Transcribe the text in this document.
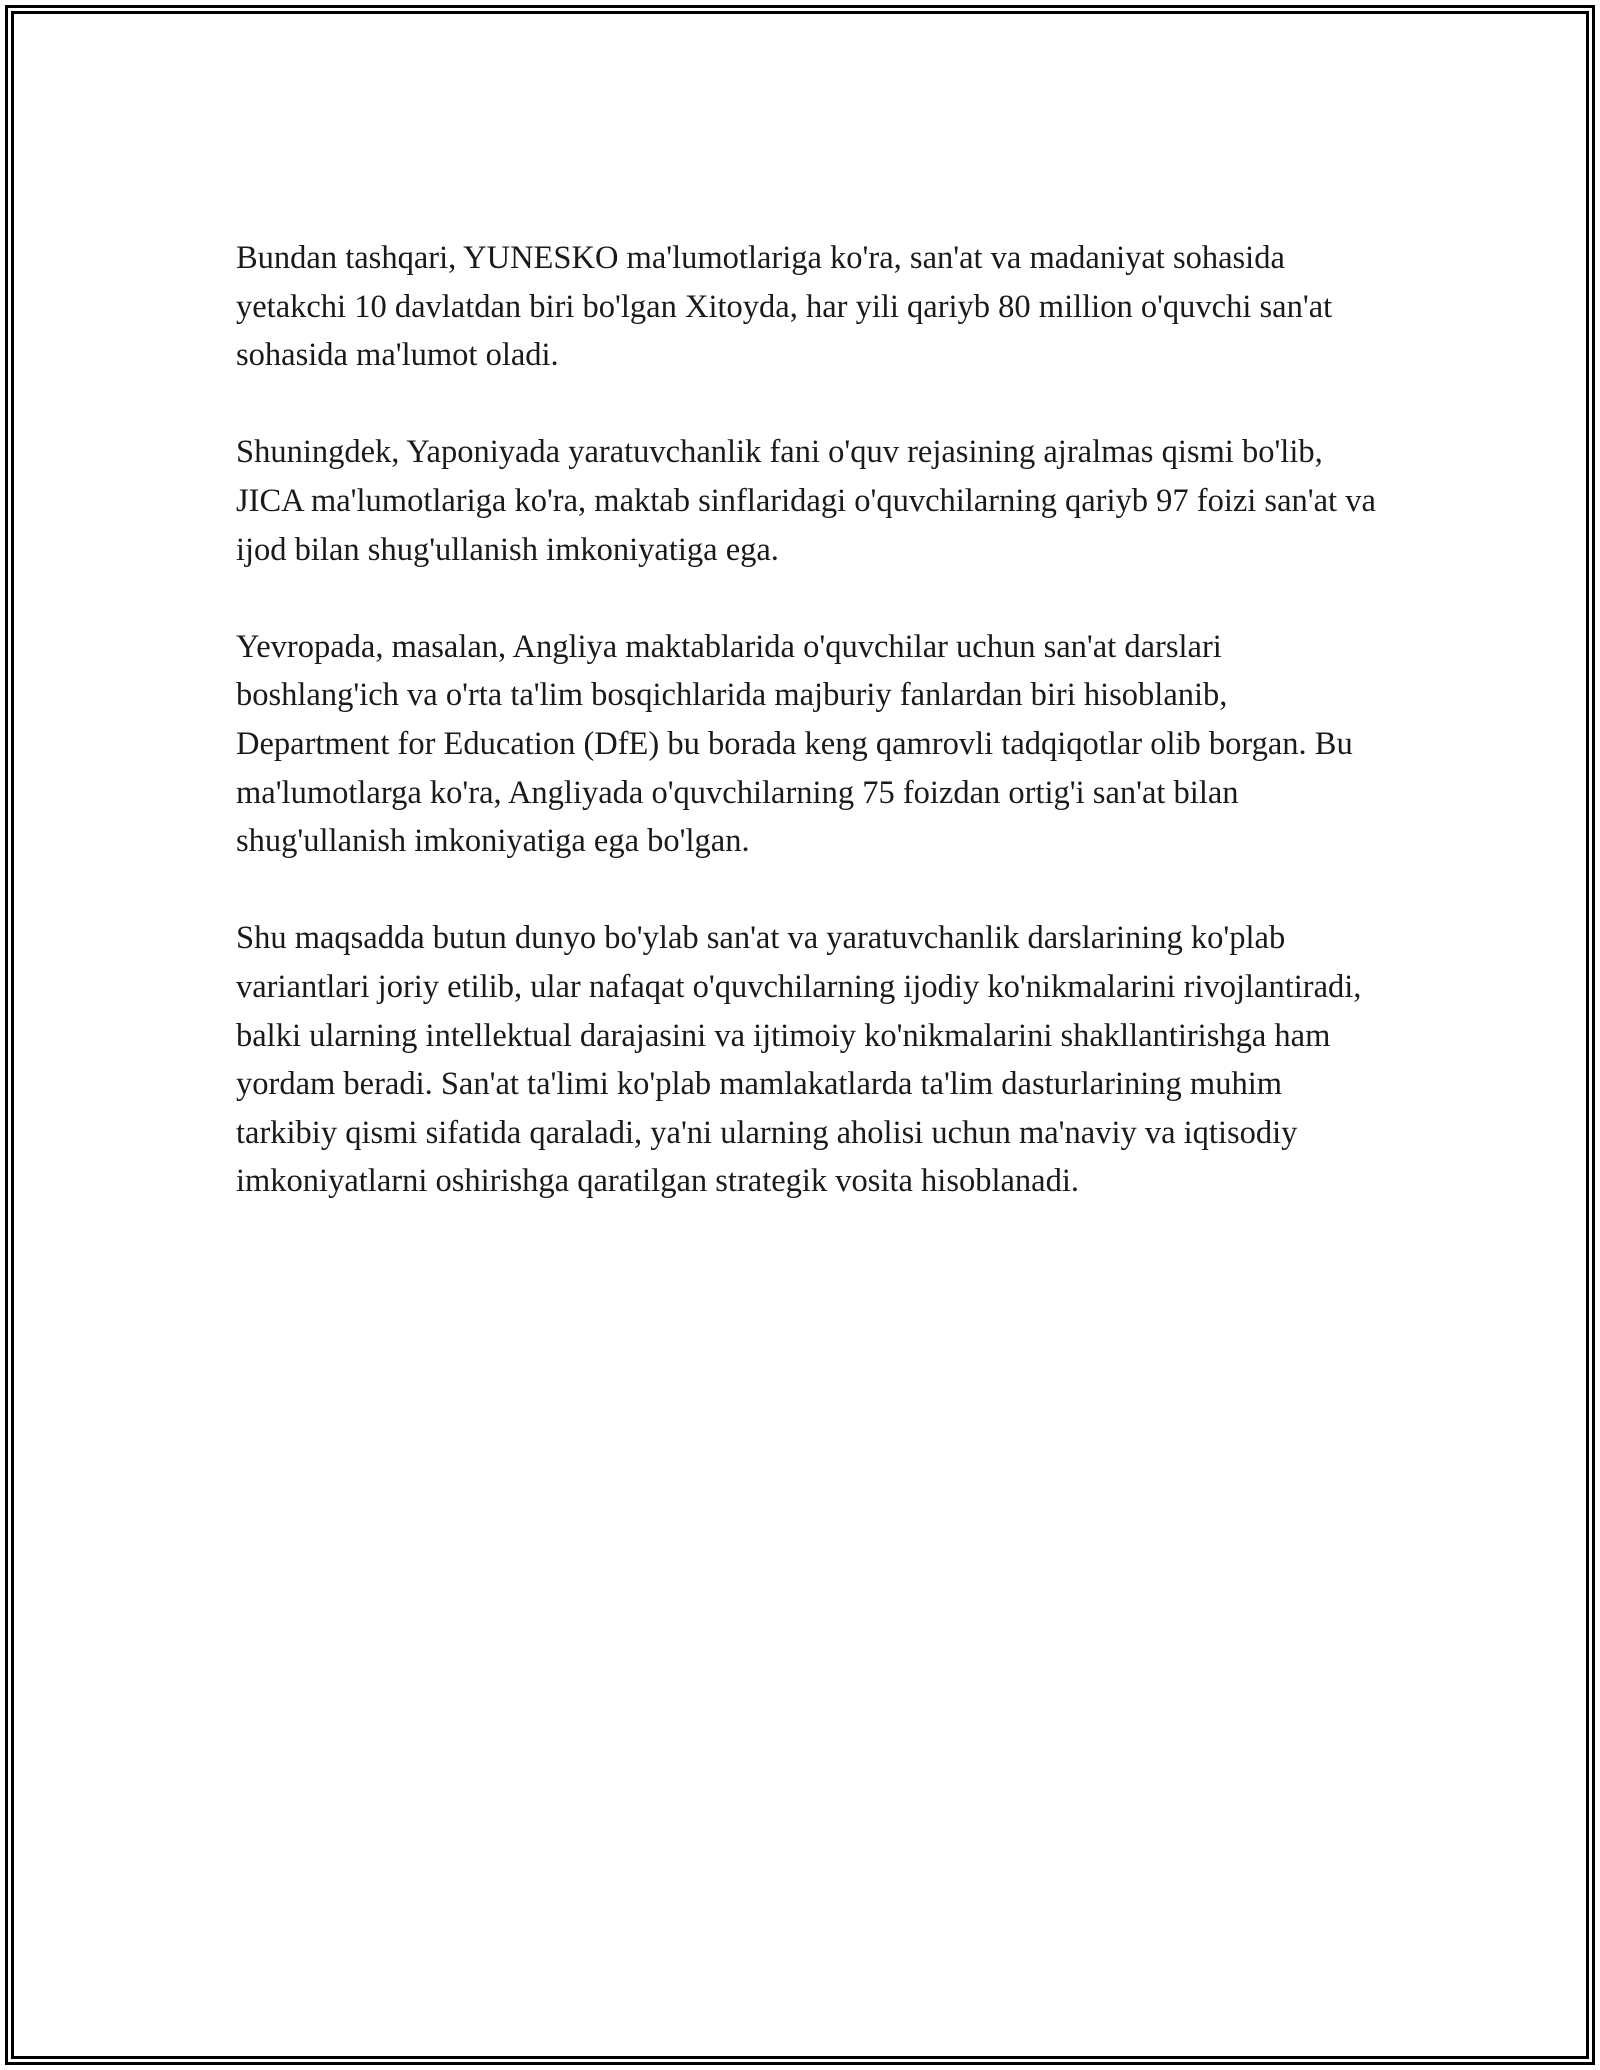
Bundan tashqari, YUNESKO ma'lumotlariga ko'ra, san'at va madaniyat sohasida yetakchi 10 davlatdan biri bo'lgan Xitoyda, har yili qariyb 80 million o'quvchi san'at sohasida ma'lumot oladi.

Shuningdek, Yaponiyada yaratuvchanlik fani o'quv rejasining ajralmas qismi bo'lib, JICA ma'lumotlariga ko'ra, maktab sinflaridagi o'quvchilarning qariyb 97 foizi san'at va ijod bilan shug'ullanish imkoniyatiga ega.

Yevropada, masalan, Angliya maktablarida o'quvchilar uchun san'at darslari boshlang'ich va o'rta ta'lim bosqichlarida majburiy fanlardan biri hisoblanib, Department for Education (DfE) bu borada keng qamrovli tadqiqotlar olib borgan. Bu ma'lumotlarga ko'ra, Angliyada o'quvchilarning 75 foizdan ortig'i san'at bilan shug'ullanish imkoniyatiga ega bo'lgan.

Shu maqsadda butun dunyo bo'ylab san'at va yaratuvchanlik darslarining ko'plab variantlari joriy etilib, ular nafaqat o'quvchilarning ijodiy ko'nikmalarini rivojlantiradi, balki ularning intellektual darajasini va ijtimoiy ko'nikmalarini shakllantirishga ham yordam beradi. San'at ta'limi ko'plab mamlakatlarda ta'lim dasturlarining muhim tarkibiy qismi sifatida qaraladi, ya'ni ularning aholisi uchun ma'naviy va iqtisodiy imkoniyatlarni oshirishga qaratilgan strategik vosita hisoblanadi.
